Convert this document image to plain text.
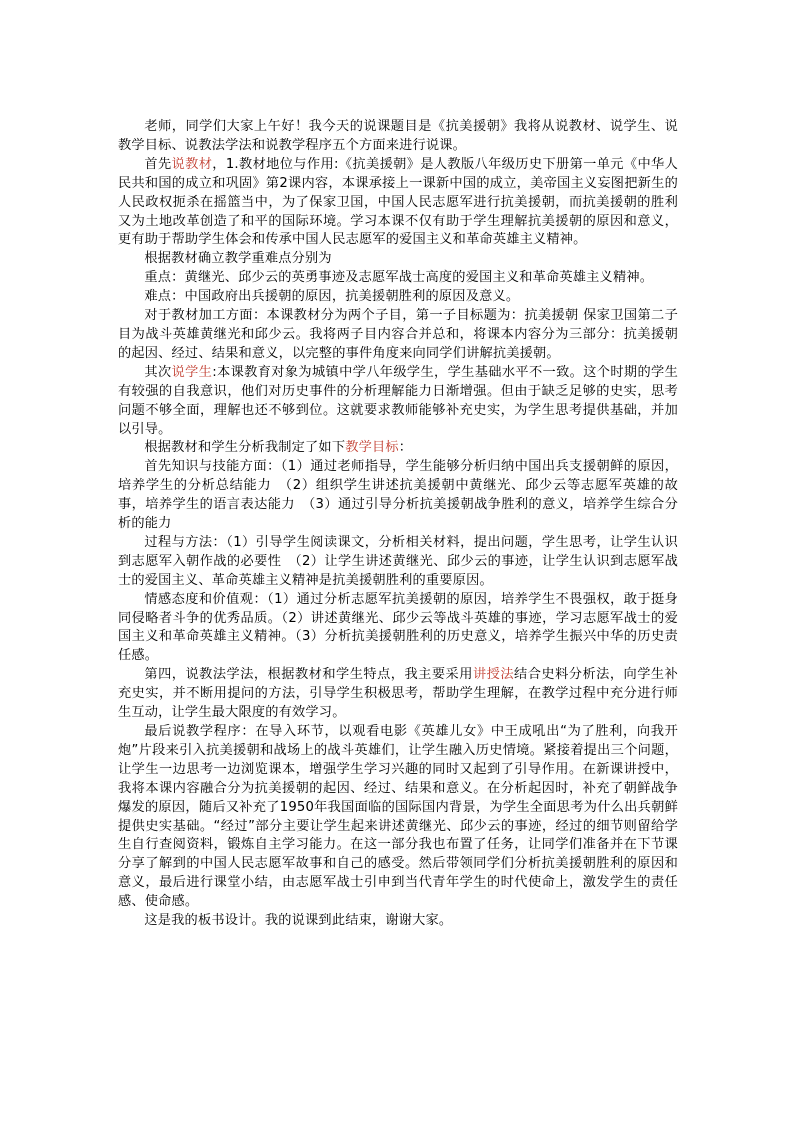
老师，同学们大家上午好！我今天的说课题目是《抗美援朝》我将从说教材、说学生、说教学目标、说教法学法和说教学程序五个方面来进行说课。

首先说教材，1.教材地位与作用:《抗美援朝》是人教版八年级历史下册第一单元《中华人民共和国的成立和巩固》第2课内容，本课承接上一课新中国的成立，美帝国主义妄图把新生的人民政权扼杀在摇篮当中，为了保家卫国，中国人民志愿军进行抗美援朝，而抗美援朝的胜利又为土地改革创造了和平的国际环境。学习本课不仅有助于学生理解抗美援朝的原因和意义，更有助于帮助学生体会和传承中国人民志愿军的爱国主义和革命英雄主义精神。

根据教材确立教学重难点分别为

重点：黄继光、邱少云的英勇事迹及志愿军战士高度的爱国主义和革命英雄主义精神。

难点：中国政府出兵援朝的原因，抗美援朝胜利的原因及意义。

对于教材加工方面：本课教材分为两个子目，第一子目标题为：抗美援朝 保家卫国第二子目为战斗英雄黄继光和邱少云。我将两子目内容合并总和，将课本内容分为三部分：抗美援朝的起因、经过、结果和意义，以完整的事件角度来向同学们讲解抗美援朝。

其次说学生:本课教育对象为城镇中学八年级学生，学生基础水平不一致。这个时期的学生有较强的自我意识，他们对历史事件的分析理解能力日渐增强。但由于缺乏足够的史实，思考问题不够全面，理解也还不够到位。这就要求教师能够补充史实，为学生思考提供基础，并加以引导。

根据教材和学生分析我制定了如下教学目标：

首先知识与技能方面：（1）通过老师指导，学生能够分析归纳中国出兵支援朝鲜的原因，培养学生的分析总结能力　（2）组织学生讲述抗美援朝中黄继光、邱少云等志愿军英雄的故事，培养学生的语言表达能力　（3）通过引导分析抗美援朝战争胜利的意义，培养学生综合分析的能力

过程与方法：（1）引导学生阅读课文，分析相关材料，提出问题，学生思考，让学生认识到志愿军入朝作战的必要性　（2）让学生讲述黄继光、邱少云的事迹，让学生认识到志愿军战士的爱国主义、革命英雄主义精神是抗美援朝胜利的重要原因。

情感态度和价值观：（1）通过分析志愿军抗美援朝的原因，培养学生不畏强权，敢于挺身同侵略者斗争的优秀品质。（2）讲述黄继光、邱少云等战斗英雄的事迹，学习志愿军战士的爱国主义和革命英雄主义精神。（3）分析抗美援朝胜利的历史意义，培养学生振兴中华的历史责任感。

第四，说教法学法，根据教材和学生特点，我主要采用讲授法结合史料分析法，向学生补充史实，并不断用提问的方法，引导学生积极思考，帮助学生理解，在教学过程中充分进行师生互动，让学生最大限度的有效学习。

最后说教学程序：在导入环节，以观看电影《英雄儿女》中王成吼出“为了胜利，向我开炮”片段来引入抗美援朝和战场上的战斗英雄们，让学生融入历史情境。紧接着提出三个问题，让学生一边思考一边浏览课本，增强学生学习兴趣的同时又起到了引导作用。在新课讲授中，我将本课内容融合分为抗美援朝的起因、经过、结果和意义。在分析起因时，补充了朝鲜战争爆发的原因，随后又补充了1950年我国面临的国际国内背景，为学生全面思考为什么出兵朝鲜提供史实基础。“经过”部分主要让学生起来讲述黄继光、邱少云的事迹，经过的细节则留给学生自行查阅资料，锻炼自主学习能力。在这一部分我也布置了任务，让同学们准备并在下节课分享了解到的中国人民志愿军故事和自己的感受。然后带领同学们分析抗美援朝胜利的原因和意义，最后进行课堂小结，由志愿军战士引申到当代青年学生的时代使命上，激发学生的责任感、使命感。

这是我的板书设计。我的说课到此结束，谢谢大家。
